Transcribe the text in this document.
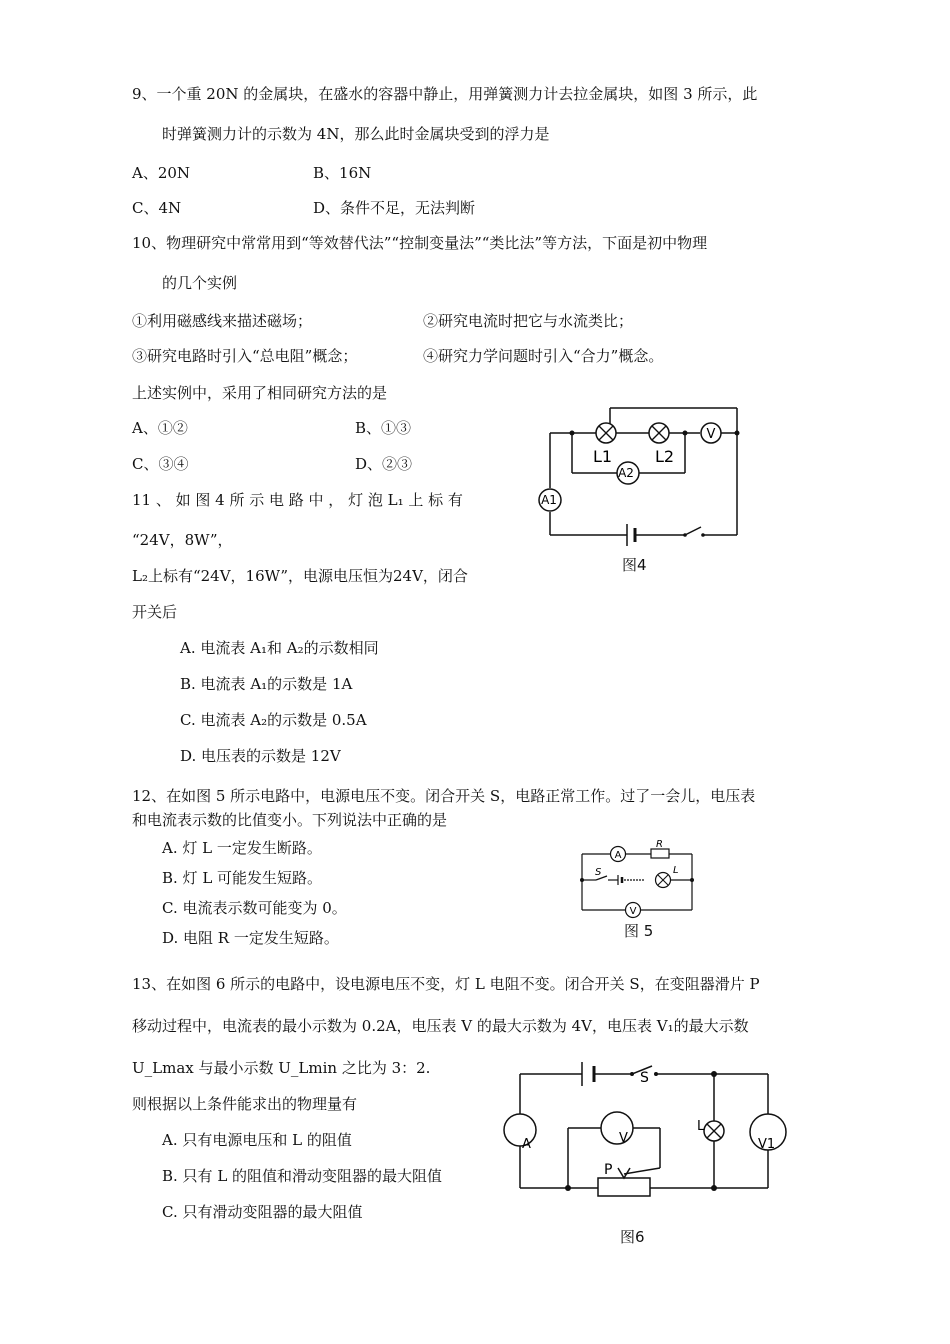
9、一个重 20N 的金属块，在盛水的容器中静止，用弹簧测力计去拉金属块，如图 3 所示，此
时弹簧测力计的示数为 4N，那么此时金属块受到的浮力是
A、20N	B、16N
C、4N	D、条件不足，无法判断
10、物理研究中常常用到“等效替代法”“控制变量法”“类比法”等方法，下面是初中物理
的几个实例
①利用磁感线来描述磁场；	②研究电流时把它与水流类比；
③研究电路时引入“总电阻”概念；	④研究力学问题时引入“合力”概念。
上述实例中，采用了相同研究方法的是
A、①②	B、①③
C、③④	D、②③
11 、 如 图 4 所 示 电 路 中 ， 灯 泡 L₁ 上 标 有
“24V，8W”，
L₂上标有“24V，16W”，电源电压恒为24V，闭合
开关后
A. 电流表 A₁和 A₂的示数相同
B. 电流表 A₁的示数是 1A
C. 电流表 A₂的示数是 0.5A
D. 电压表的示数是 12V
V
A2
A1
L1	L2
图4
12、在如图 5 所示电路中，电源电压不变。闭合开关 S，电路正常工作。过了一会儿，电压表
和电流表示数的比值变小。下列说法中正确的是
A. 灯 L 一定发生断路。
B. 灯 L 可能发生短路。
C. 电流表示数可能变为 0。
D. 电阻 R 一定发生短路。
A
V
R
S	L
图 5
13、在如图 6 所示的电路中，设电源电压不变，灯 L 电阻不变。闭合开关 S，在变阻器滑片 P
移动过程中，电流表的最小示数为 0.2A，电压表 V 的最大示数为 4V，电压表 V₁的最大示数
U_Lmax 与最小示数 U_Lmin 之比为 3：2.
则根据以上条件能求出的物理量有
A. 只有电源电压和 L 的阻值
B. 只有 L 的阻值和滑动变阻器的最大阻值
C. 只有滑动变阻器的最大阻值
S
P
A	V
L
V1
图6
